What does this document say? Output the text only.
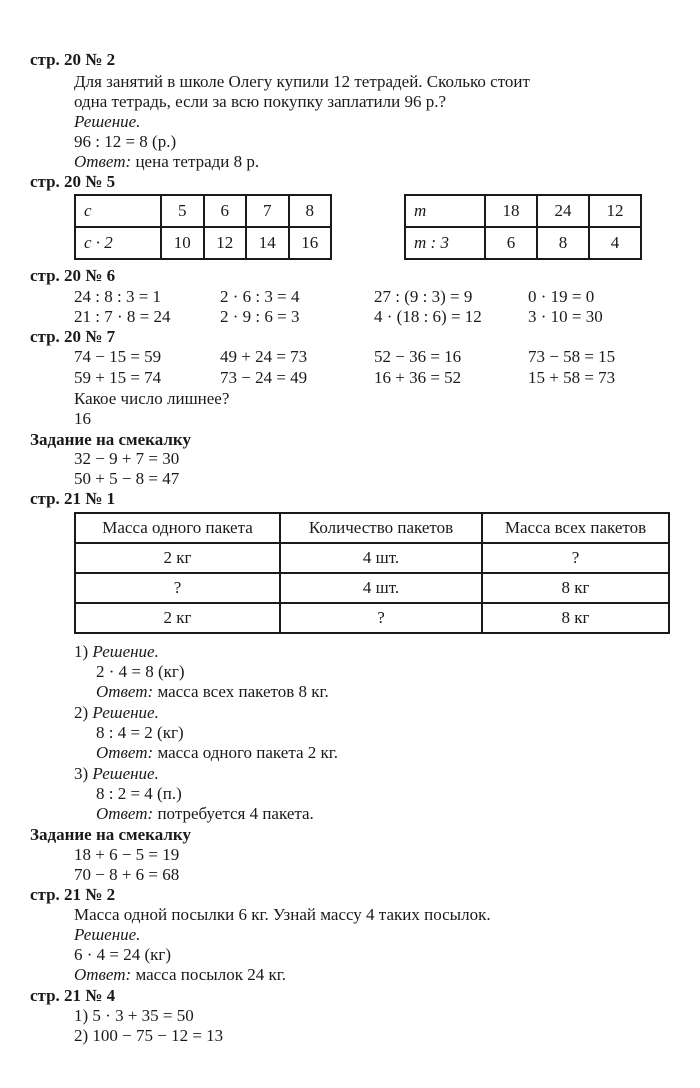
стр. 20 № 2
Для занятий в школе Олегу купили 12 тетрадей. Сколько стоит
одна тетрадь, если за всю покупку заплатили 96 р.?
Решение.
96 : 12 = 8 (р.)
Ответ: цена тетради 8 р.
стр. 20 № 5
c	5	6	7	8
c · 2	10	12	14	16
m	18	24	12
m : 3	6	8	4
стр. 20 № 6
24 : 8 : 3 = 1	2 · 6 : 3 = 4	27 : (9 : 3) = 9	0 · 19 = 0
21 : 7 · 8 = 24	2 · 9 : 6 = 3	4 · (18 : 6) = 12	3 · 10 = 30
стр. 20 № 7
74 − 15 = 59	49 + 24 = 73	52 − 36 = 16	73 − 58 = 15
59 + 15 = 74	73 − 24 = 49	16 + 36 = 52	15 + 58 = 73
Какое число лишнее?
16
Задание на смекалку
32 − 9 + 7 = 30
50 + 5 − 8 = 47
стр. 21 № 1
Масса одного пакета	Количество пакетов	Масса всех пакетов
2 кг	4 шт.	?
?	4 шт.	8 кг
2 кг	?	8 кг
1) Решение.
2 · 4 = 8 (кг)
Ответ: масса всех пакетов 8 кг.
2) Решение.
8 : 4 = 2 (кг)
Ответ: масса одного пакета 2 кг.
3) Решение.
8 : 2 = 4 (п.)
Ответ: потребуется 4 пакета.
Задание на смекалку
18 + 6 − 5 = 19
70 − 8 + 6 = 68
стр. 21 № 2
Масса одной посылки 6 кг. Узнай массу 4 таких посылок.
Решение.
6 · 4 = 24 (кг)
Ответ: масса посылок 24 кг.
стр. 21 № 4
1) 5 · 3 + 35 = 50
2) 100 − 75 − 12 = 13
